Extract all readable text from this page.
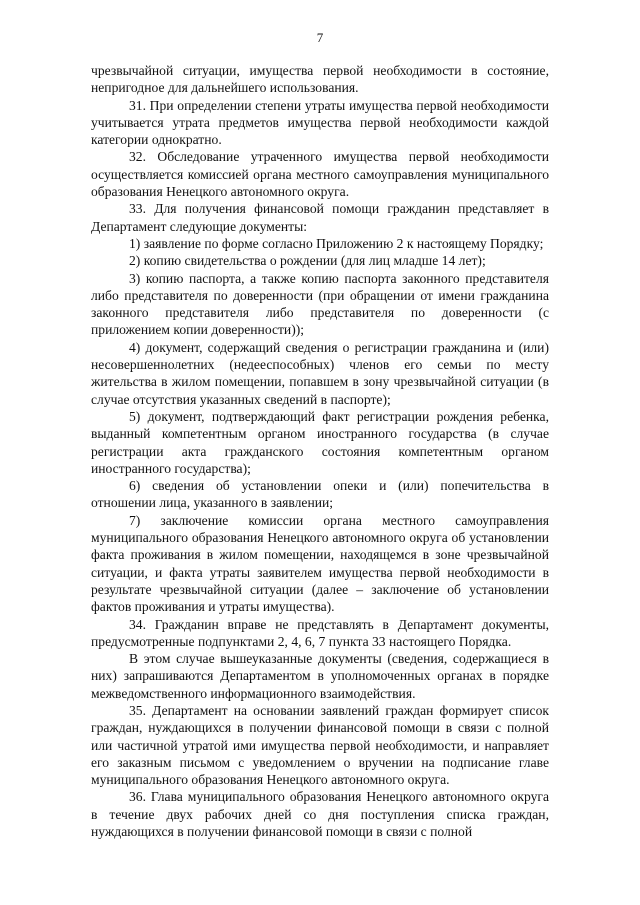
7

чрезвычайной ситуации, имущества первой необходимости в состояние, непригодное для дальнейшего использования.

31. При определении степени утраты имущества первой необходимости учитывается утрата предметов имущества первой необходимости каждой категории однократно.

32. Обследование утраченного имущества первой необходимости осуществляется комиссией органа местного самоуправления муниципального образования Ненецкого автономного округа.

33. Для получения финансовой помощи гражданин представляет в Департамент следующие документы:

1) заявление по форме согласно Приложению 2 к настоящему Порядку;

2) копию свидетельства о рождении (для лиц младше 14 лет);

3) копию паспорта, а также копию паспорта законного представителя либо представителя по доверенности (при обращении от имени гражданина законного представителя либо представителя по доверенности (с приложением копии доверенности));

4) документ, содержащий сведения о регистрации гражданина и (или) несовершеннолетних (недееспособных) членов его семьи по месту жительства в жилом помещении, попавшем в зону чрезвычайной ситуации (в случае отсутствия указанных сведений в паспорте);

5) документ, подтверждающий факт регистрации рождения ребенка, выданный компетентным органом иностранного государства (в случае регистрации акта гражданского состояния компетентным органом иностранного государства);

6) сведения об установлении опеки и (или) попечительства в отношении лица, указанного в заявлении;

7) заключение комиссии органа местного самоуправления муниципального образования Ненецкого автономного округа об установлении факта проживания в жилом помещении, находящемся в зоне чрезвычайной ситуации, и факта утраты заявителем имущества первой необходимости в результате чрезвычайной ситуации (далее – заключение об установлении фактов проживания и утраты имущества).

34. Гражданин вправе не представлять в Департамент документы, предусмотренные подпунктами 2, 4, 6, 7 пункта 33 настоящего Порядка.

В этом случае вышеуказанные документы (сведения, содержащиеся в них) запрашиваются Департаментом в уполномоченных органах в порядке межведомственного информационного взаимодействия.

35. Департамент на основании заявлений граждан формирует список граждан, нуждающихся в получении финансовой помощи в связи с полной или частичной утратой ими имущества первой необходимости, и направляет его заказным письмом с уведомлением о вручении на подписание главе муниципального образования Ненецкого автономного округа.

36. Глава муниципального образования Ненецкого автономного округа в течение двух рабочих дней со дня поступления списка граждан, нуждающихся в получении финансовой помощи в связи с полной
